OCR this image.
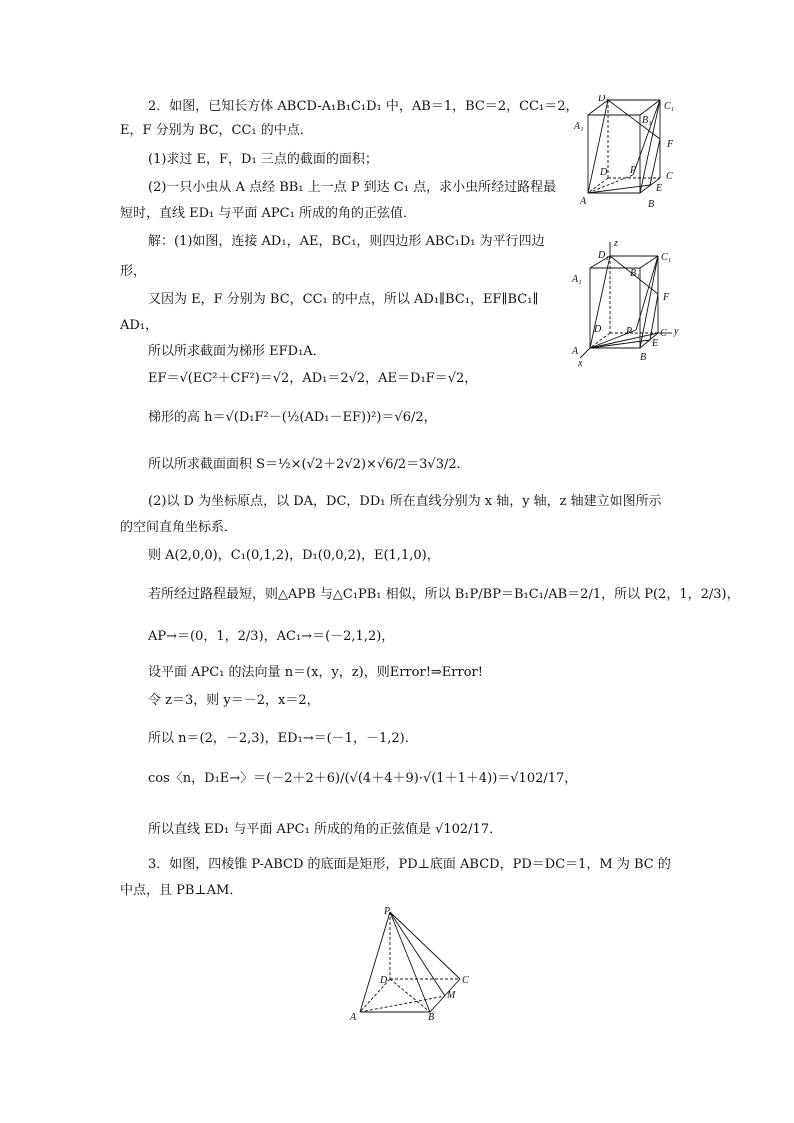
2．如图，已知长方体 ABCD-A₁B₁C₁D₁ 中，AB＝1，BC＝2，CC₁＝2，
E，F 分别为 BC，CC₁ 的中点．
(1)求过 E，F，D₁ 三点的截面的面积；
(2)一只小虫从 A 点经 BB₁ 上一点 P 到达 C₁ 点，求小虫所经过路程最
短时，直线 ED₁ 与平面 APC₁ 所成的角的正弦值．
解：(1)如图，连接 AD₁，AE，BC₁，则四边形 ABC₁D₁ 为平行四边
形，
又因为 E，F 分别为 BC，CC₁ 的中点，所以 AD₁∥BC₁，EF∥BC₁∥
AD₁，
所以所求截面为梯形 EFD₁A．
EF＝√(EC²＋CF²)＝√2，AD₁＝2√2，AE＝D₁F＝√2，
梯形的高 h＝√(D₁F²－(½(AD₁－EF))²)＝√6/2，
所以所求截面面积 S＝½×(√2＋2√2)×√6/2＝3√3/2．
(2)以 D 为坐标原点，以 DA，DC，DD₁ 所在直线分别为 x 轴，y 轴，z 轴建立如图所示
的空间直角坐标系．
则 A(2,0,0)，C₁(0,1,2)，D₁(0,0,2)，E(1,1,0)，
若所经过路程最短，则△APB 与△C₁PB₁ 相似，所以 B₁P/BP＝B₁C₁/AB＝2/1，所以 P(2，1，2/3)，
AP→＝(0，1，2/3)，AC₁→＝(－2,1,2)，
设平面 APC₁ 的法向量 n＝(x，y，z)，则Error!⇒Error!
令 z＝3，则 y＝－2，x＝2，
所以 n＝(2，－2,3)，ED₁→＝(－1，－1,2)．
cos〈n，D₁E→〉＝(－2＋2＋6)/(√(4＋4＋9)·√(1＋1＋4))＝√102/17，
所以直线 ED₁ 与平面 APC₁ 所成的角的正弦值是 √102/17．
3．如图，四棱锥 P-ABCD 的底面是矩形，PD⊥底面 ABCD，PD＝DC＝1，M 为 BC 的
中点，且 PB⊥AM．
D₁
C₁
A₁
B₁
F
D P
C
E
A	B
D₁
z
C₁
A₁
B₁
F
D P	C y
E
A
B
x
P
D	C
M
A	B
